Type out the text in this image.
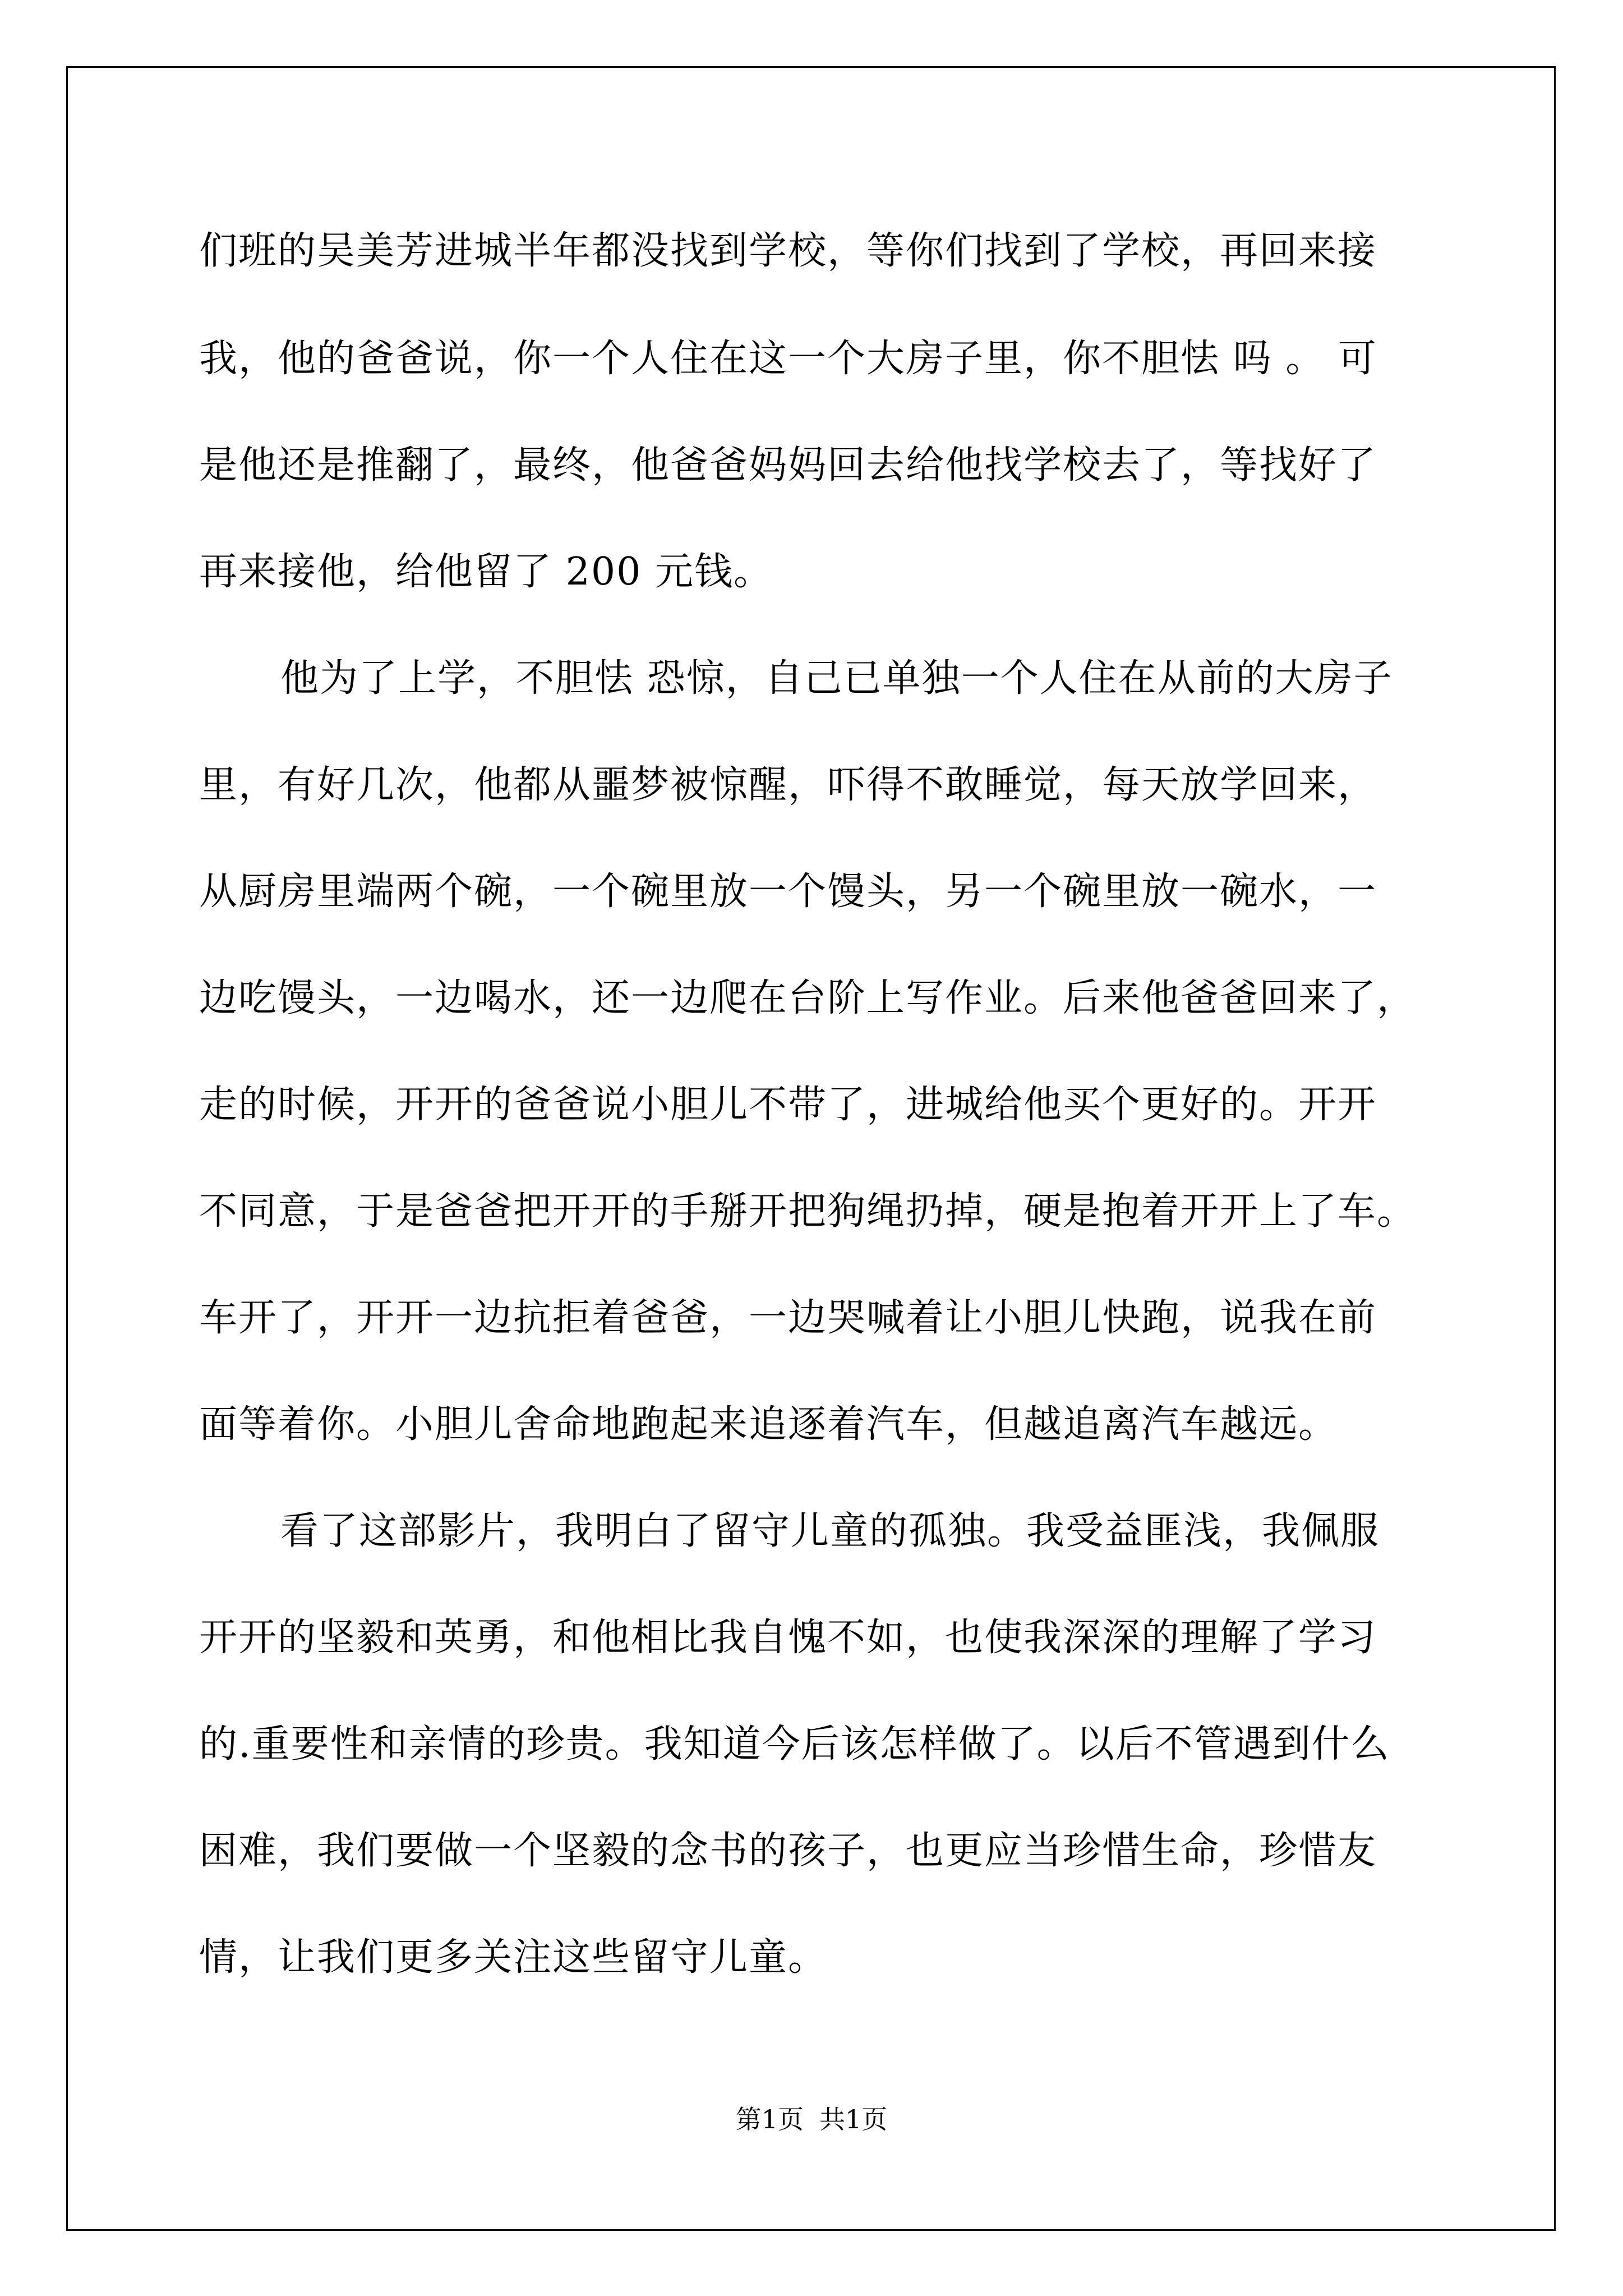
们班的吴美芳进城半年都没找到学校，等你们找到了学校，再回来接
我，他的爸爸说，你一个人住在这一个大房子里，你不胆怯 吗 。 可
是他还是推翻了，最终，他爸爸妈妈回去给他找学校去了，等找好了
再来接他，给他留了 200 元钱。
他为了上学，不胆怯 恐惊，自己已单独一个人住在从前的大房子
里，有好几次，他都从噩梦被惊醒，吓得不敢睡觉，每天放学回来，
从厨房里端两个碗，一个碗里放一个馒头，另一个碗里放一碗水，一
边吃馒头，一边喝水，还一边爬在台阶上写作业。后来他爸爸回来了，
走的时候，开开的爸爸说小胆儿不带了，进城给他买个更好的。开开
不同意，于是爸爸把开开的手掰开把狗绳扔掉，硬是抱着开开上了车。
车开了，开开一边抗拒着爸爸，一边哭喊着让小胆儿快跑，说我在前
面等着你。小胆儿舍命地跑起来追逐着汽车，但越追离汽车越远。
看了这部影片，我明白了留守儿童的孤独。我受益匪浅，我佩服
开开的坚毅和英勇，和他相比我自愧不如，也使我深深的理解了学习
的.重要性和亲情的珍贵。我知道今后该怎样做了。以后不管遇到什么
困难，我们要做一个坚毅的念书的孩子，也更应当珍惜生命，珍惜友
情，让我们更多关注这些留守儿童。
第1页 共1页
